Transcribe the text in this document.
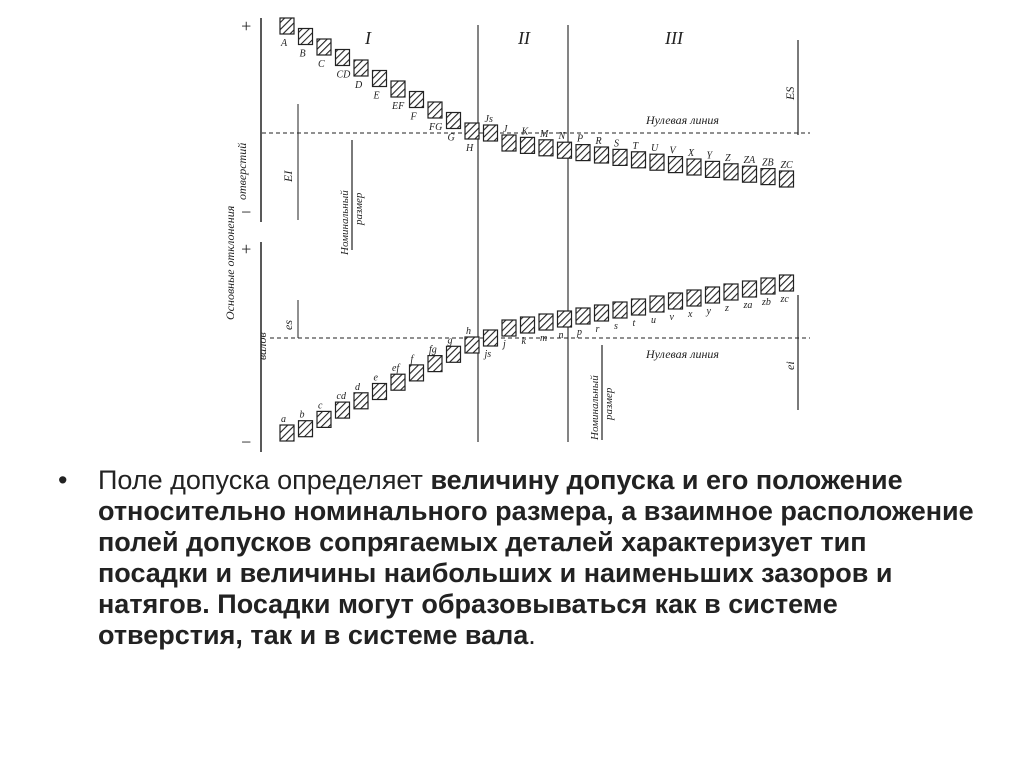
+
−
+
−
Основные отклонения
отверстий
валов
I	II	III
Нулевая линия
Нулевая линия
Номинальный размер
Номинальный размер
EI
es
ES
ei
A
B
C
CD
D
E
EF
F
FG
G
H
Js
J K M N P R S T U V X Y Z ZA ZB ZC
a b
c
cd
d
e
ef
f
fg
g
h
js
j k m n p r s t u v x y z za zb zc
•	Поле допуска определяет величину допуска и его положение относительно номинального размера, а взаимное расположение полей допусков сопрягаемых деталей характеризует тип посадки и величины наибольших и наименьших зазоров и натягов. Посадки могут образовываться как в системе отверстия, так и в системе вала.
